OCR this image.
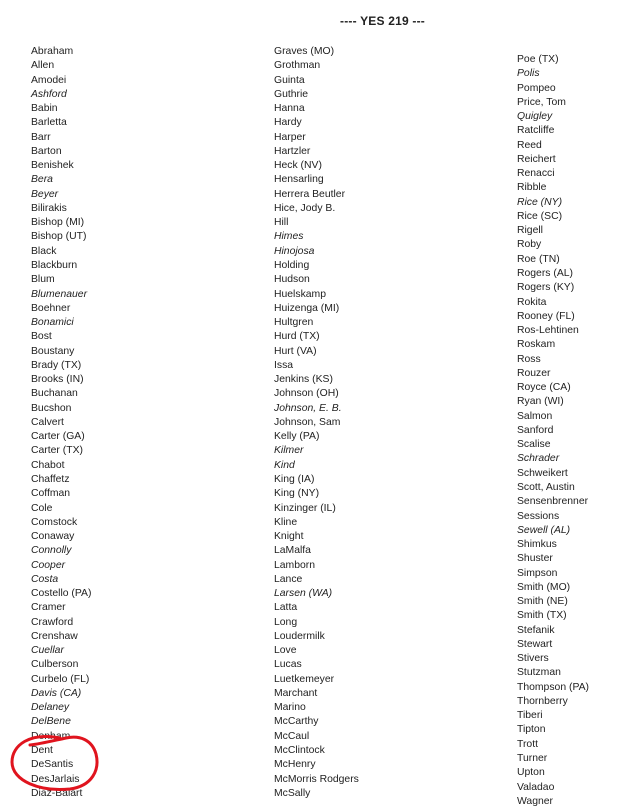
---- YES 219 ---
Abraham
Allen
Amodei
Ashford
Babin
Barletta
Barr
Barton
Benishek
Bera
Beyer
Bilirakis
Bishop (MI)
Bishop (UT)
Black
Blackburn
Blum
Blumenauer
Boehner
Bonamici
Bost
Boustany
Brady (TX)
Brooks (IN)
Buchanan
Bucshon
Calvert
Carter (GA)
Carter (TX)
Chabot
Chaffetz
Coffman
Cole
Comstock
Conaway
Connolly
Cooper
Costa
Costello (PA)
Cramer
Crawford
Crenshaw
Cuellar
Culberson
Curbelo (FL)
Davis (CA)
Delaney
DelBene
Denham
Dent
DeSantis
DesJarlais
Diaz-Balart
Graves (MO)
Grothman
Guinta
Guthrie
Hanna
Hardy
Harper
Hartzler
Heck (NV)
Hensarling
Herrera Beutler
Hice, Jody B.
Hill
Himes
Hinojosa
Holding
Hudson
Huelskamp
Huizenga (MI)
Hultgren
Hurd (TX)
Hurt (VA)
Issa
Jenkins (KS)
Johnson (OH)
Johnson, E. B.
Johnson, Sam
Kelly (PA)
Kilmer
Kind
King (IA)
King (NY)
Kinzinger (IL)
Kline
Knight
LaMalfa
Lamborn
Lance
Larsen (WA)
Latta
Long
Loudermilk
Love
Lucas
Luetkemeyer
Marchant
Marino
McCarthy
McCaul
McClintock
McHenry
McMorris Rodgers
McSally
Poe (TX)
Polis
Pompeo
Price, Tom
Quigley
Ratcliffe
Reed
Reichert
Renacci
Ribble
Rice (NY)
Rice (SC)
Rigell
Roby
Roe (TN)
Rogers (AL)
Rogers (KY)
Rokita
Rooney (FL)
Ros-Lehtinen
Roskam
Ross
Rouzer
Royce (CA)
Ryan (WI)
Salmon
Sanford
Scalise
Schrader
Schweikert
Scott, Austin
Sensenbrenner
Sessions
Sewell (AL)
Shimkus
Shuster
Simpson
Smith (MO)
Smith (NE)
Smith (TX)
Stefanik
Stewart
Stivers
Stutzman
Thompson (PA)
Thornberry
Tiberi
Tipton
Trott
Turner
Upton
Valadao
Wagner
